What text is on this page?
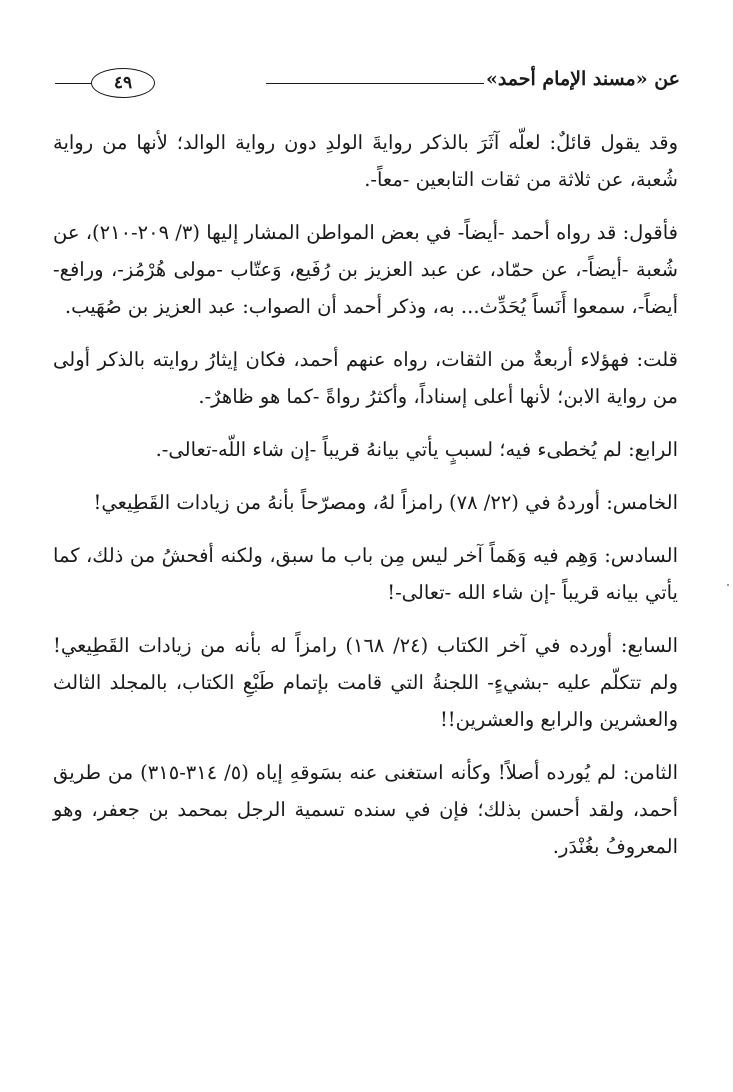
عن «مسند الإمام أحمد»
٤٩

وقد يقول قائلٌ: لعلّه آثَرَ بالذكر روايةَ الولدِ دون رواية الوالد؛ لأنها من رواية شُعبة، عن ثلاثة من ثقات التابعين -معاً-.

فأقول: قد رواه أحمد -أيضاً- في بعض المواطن المشار إليها (٣/ ٢٠٩-٢١٠)، عن شُعبة -أيضاً-، عن حمّاد، عن عبد العزيز بن رُفَيع، وَعتّاب -مولى هُرْمُز-، ورافع-أيضاً-، سمعوا أَنَساً يُحَدِّث... به، وذكر أحمد أن الصواب: عبد العزيز بن صُهَيب.

قلت: فهؤلاء أربعةٌ من الثقات، رواه عنهم أحمد، فكان إيثارُ روايته بالذكر أولى من رواية الابن؛ لأنها أعلى إسناداً، وأكثرُ رواةً -كما هو ظاهرٌ-.

الرابع: لم يُخطىء فيه؛ لسببٍ يأتي بيانهُ قريباً -إن شاء اللّه-تعالى-.

الخامس: أوردهُ في (٢٢/ ٧٨) رامزاً لهُ، ومصرّحاً بأنهُ من زيادات القَطِيعي!

السادس: وَهِم فيه وَهَماً آخر ليس مِن باب ما سبق، ولكنه أفحشُ من ذلك، كما يأتي بيانه قريباً -إن شاء الله -تعالى-!

السابع: أورده في آخر الكتاب (٢٤/ ١٦٨) رامزاً له بأنه من زيادات القَطِيعي! ولم تتكلّم عليه -بشيءٍ- اللجنةُ التي قامت بإتمام طَبْعِ الكتاب، بالمجلد الثالث والعشرين والرابع والعشرين!!

الثامن: لم يُورده أصلاً! وكأنه استغنى عنه بسَوقهِ إياه (٥/ ٣١٤-٣١٥) من طريق أحمد، ولقد أحسن بذلك؛ فإن في سنده تسمية الرجل بمحمد بن جعفر، وهو المعروفُ بغُنْدَر.
